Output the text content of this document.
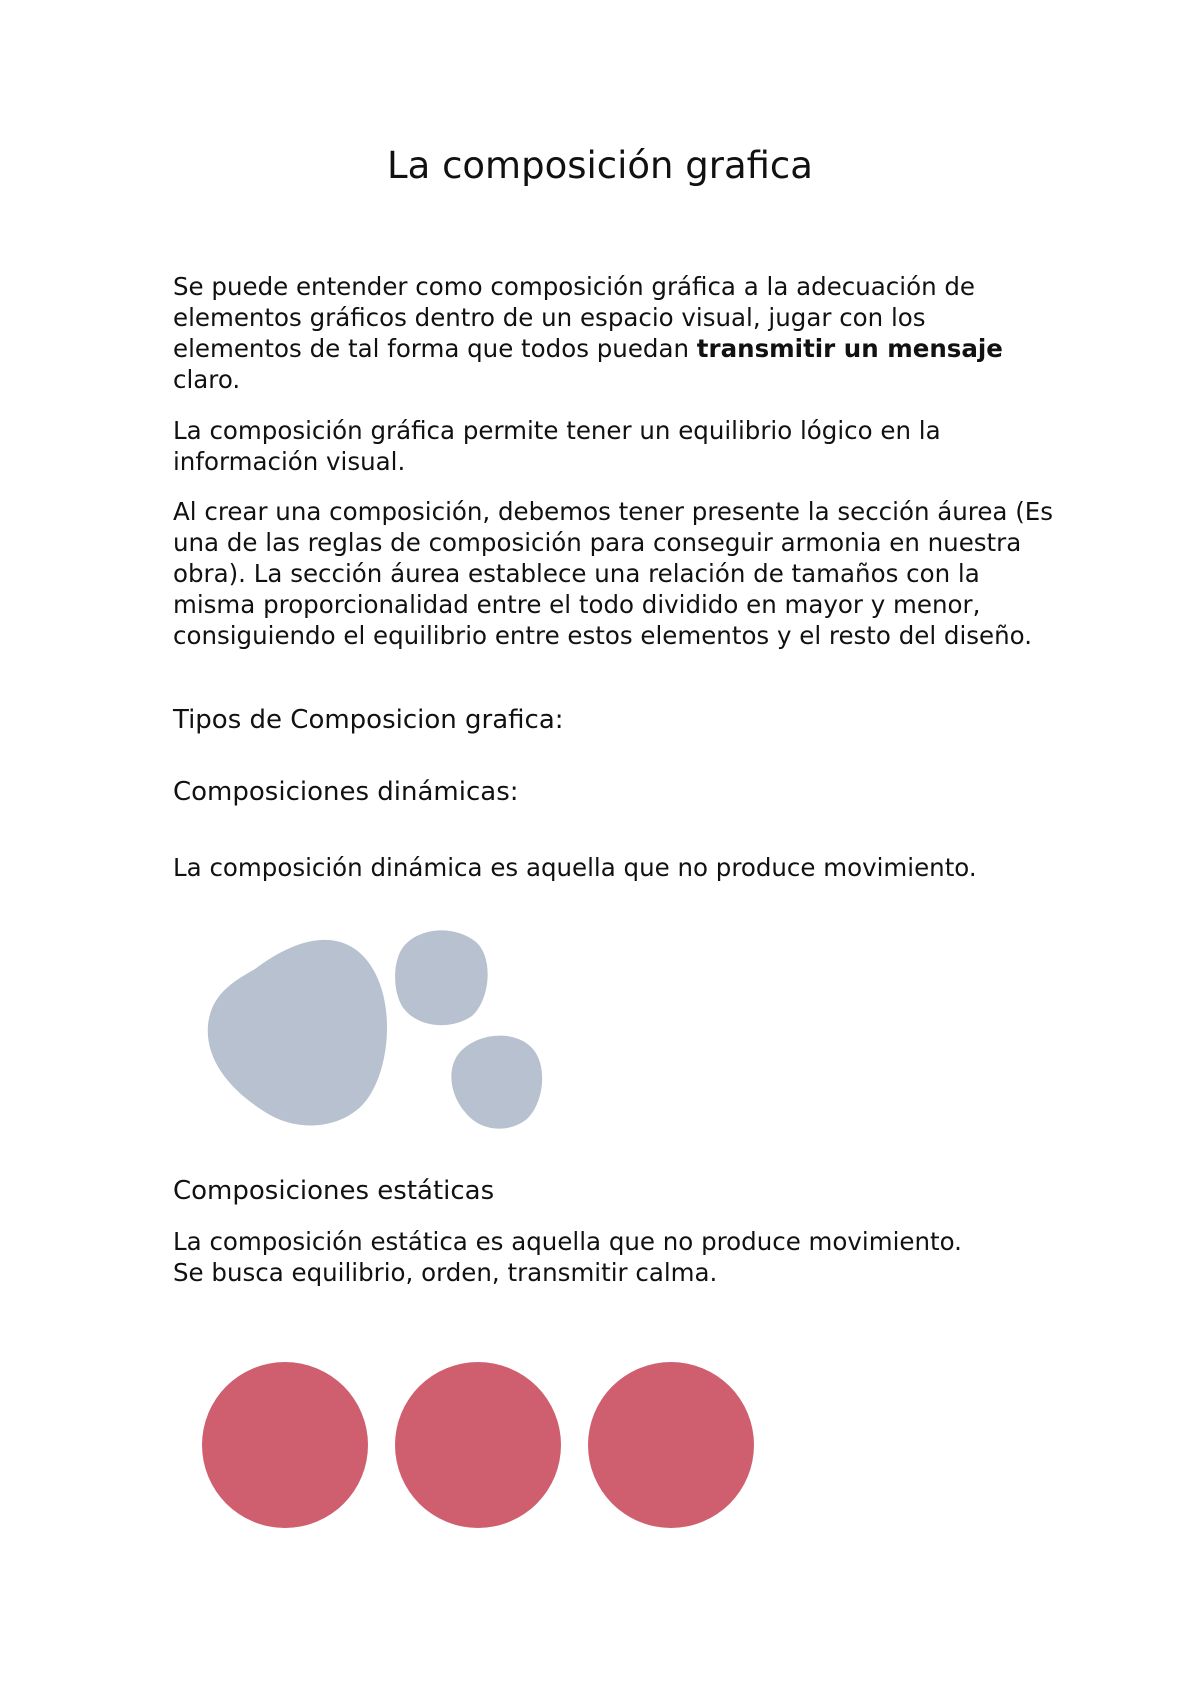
La composición grafica

Se puede entender como composición gráfica a la adecuación de elementos gráficos dentro de un espacio visual, jugar con los elementos de tal forma que todos puedan transmitir un mensaje claro.

La composición gráfica permite tener un equilibrio lógico en la información visual.

Al crear una composición, debemos tener presente la sección áurea (Es una de las reglas de composición para conseguir armonia en nuestra obra). La sección áurea establece una relación de tamaños con la misma proporcionalidad entre el todo dividido en mayor y menor, consiguiendo el equilibrio entre estos elementos y el resto del diseño.

Tipos de Composicion grafica:

Composiciones dinámicas:

La composición dinámica es aquella que no produce movimiento.

Composiciones estáticas

La composición estática es aquella que no produce movimiento.
Se busca equilibrio, orden, transmitir calma.
